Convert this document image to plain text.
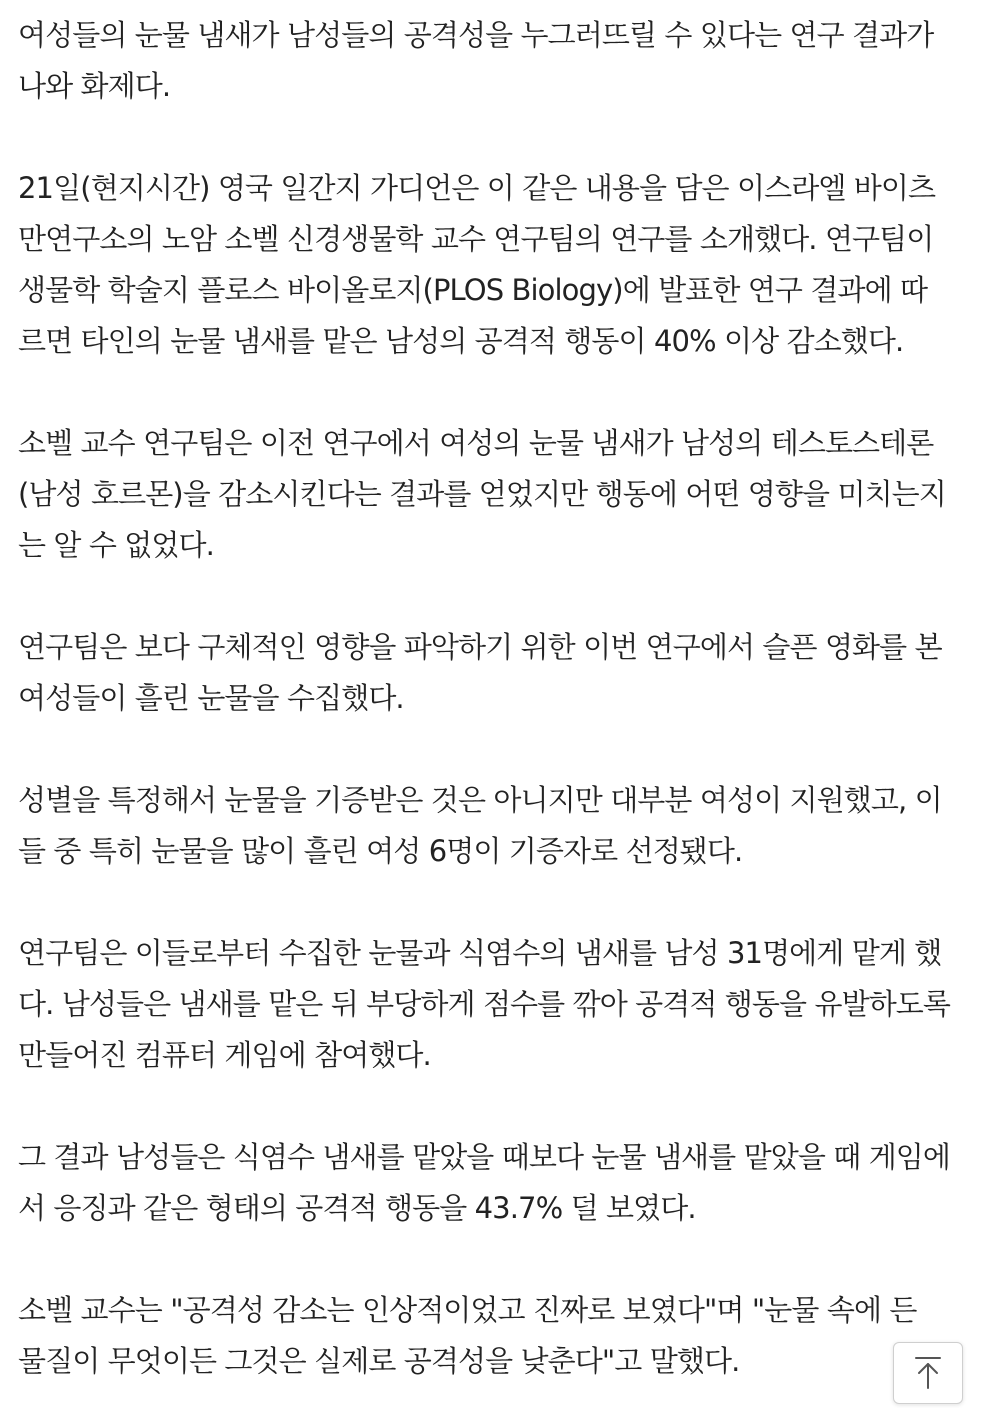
여성들의 눈물 냄새가 남성들의 공격성을 누그러뜨릴 수 있다는 연구 결과가
나와 화제다.
21일(현지시간) 영국 일간지 가디언은 이 같은 내용을 담은 이스라엘 바이츠
만연구소의 노암 소벨 신경생물학 교수 연구팀의 연구를 소개했다. 연구팀이
생물학 학술지 플로스 바이올로지(PLOS Biology)에 발표한 연구 결과에 따
르면 타인의 눈물 냄새를 맡은 남성의 공격적 행동이 40% 이상 감소했다.
소벨 교수 연구팀은 이전 연구에서 여성의 눈물 냄새가 남성의 테스토스테론
(남성 호르몬)을 감소시킨다는 결과를 얻었지만 행동에 어떤 영향을 미치는지
는 알 수 없었다.
연구팀은 보다 구체적인 영향을 파악하기 위한 이번 연구에서 슬픈 영화를 본
여성들이 흘린 눈물을 수집했다.
성별을 특정해서 눈물을 기증받은 것은 아니지만 대부분 여성이 지원했고, 이
들 중 특히 눈물을 많이 흘린 여성 6명이 기증자로 선정됐다.
연구팀은 이들로부터 수집한 눈물과 식염수의 냄새를 남성 31명에게 맡게 했
다. 남성들은 냄새를 맡은 뒤 부당하게 점수를 깎아 공격적 행동을 유발하도록
만들어진 컴퓨터 게임에 참여했다.
그 결과 남성들은 식염수 냄새를 맡았을 때보다 눈물 냄새를 맡았을 때 게임에
서 응징과 같은 형태의 공격적 행동을 43.7% 덜 보였다.
소벨 교수는 "공격성 감소는 인상적이었고 진짜로 보였다"며 "눈물 속에 든
물질이 무엇이든 그것은 실제로 공격성을 낮춘다"고 말했다.
